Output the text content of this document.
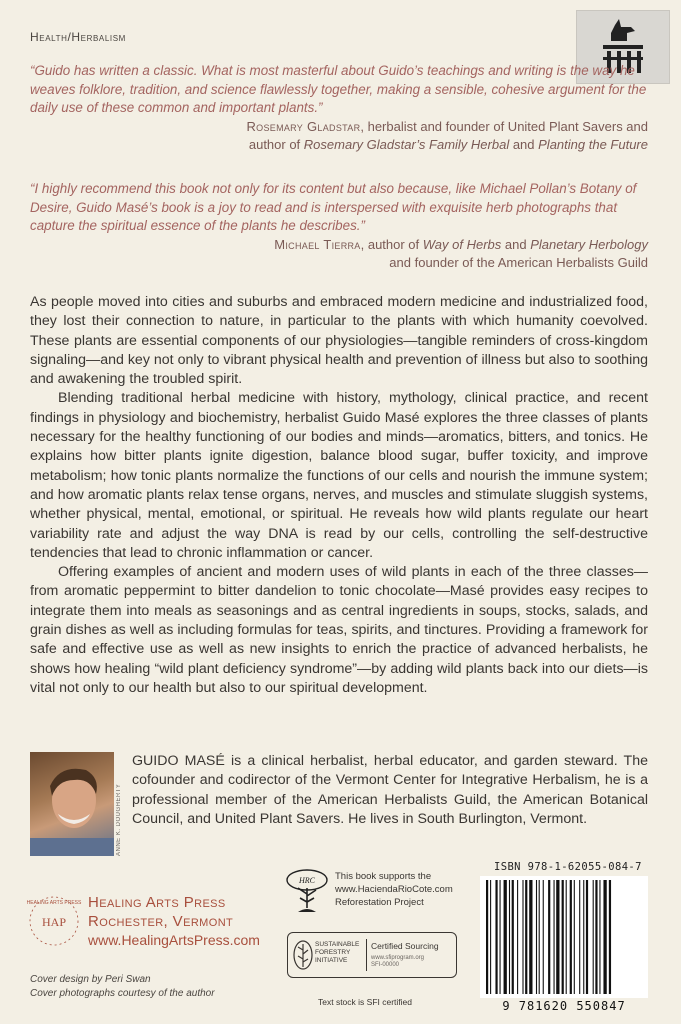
Health/Herbalism
“Guido has written a classic. What is most masterful about Guido’s teachings and writing is the way he weaves folklore, tradition, and science flawlessly together, making a sensible, cohesive argument for the daily use of these common and important plants.”
Rosemary Gladstar, herbalist and founder of United Plant Savers and
author of Rosemary Gladstar’s Family Herbal and Planting the Future
“I highly recommend this book not only for its content but also because, like Michael Pollan’s Botany of Desire, Guido Masé’s book is a joy to read and is interspersed with exquisite herb photographs that capture the spiritual essence of the plants he describes.”
Michael Tierra, author of Way of Herbs and Planetary Herbology
and founder of the American Herbalists Guild

As people moved into cities and suburbs and embraced modern medicine and industrialized food, they lost their connection to nature, in particular to the plants with which humanity coevolved. These plants are essential components of our physiologies—tangible reminders of cross-kingdom signaling—and key not only to vibrant physical health and prevention of illness but also to soothing and awakening the troubled spirit.

Blending traditional herbal medicine with history, mythology, clinical practice, and recent findings in physiology and biochemistry, herbalist Guido Masé explores the three classes of plants necessary for the healthy functioning of our bodies and minds—aromatics, bitters, and tonics. He explains how bitter plants ignite digestion, balance blood sugar, buffer toxicity, and improve metabolism; how tonic plants normalize the functions of our cells and nourish the immune system; and how aromatic plants relax tense organs, nerves, and muscles and stimulate sluggish systems, whether physical, mental, emotional, or spiritual. He reveals how wild plants regulate our heart variability rate and adjust the way DNA is read by our cells, controlling the self-destructive tendencies that lead to chronic inflammation or cancer.

Offering examples of ancient and modern uses of wild plants in each of the three classes—from aromatic peppermint to bitter dandelion to tonic chocolate—Masé provides easy recipes to integrate them into meals as seasonings and as central ingredients in soups, stocks, salads, and grain dishes as well as including formulas for teas, spirits, and tinctures. Providing a framework for safe and effective use as well as new insights to enrich the practice of advanced herbalists, he shows how healing “wild plant deficiency syndrome”—by adding wild plants back into our diets—is vital not only to our health but also to our spiritual development.

ANNE K. DOUGHERTY
GUIDO MASÉ is a clinical herbalist, herbal educator, and garden steward. The cofounder and codirector of the Vermont Center for Integrative Herbalism, he is a professional member of the American Herbalists Guild, the American Botanical Council, and United Plant Savers. He lives in South Burlington, Vermont.
HAP
HEALING ARTS PRESS Healing Arts Press
Rochester, Vermont
www.HealingArtsPress.com
HRC This book supports the
www.HaciendaRioCote.com
Reforestation Project
SUSTAINABLE
FORESTRY
INITIATIVE
Certified Sourcing
www.sfiprogram.org
SFI-00000
Text stock is SFI certified
Cover design by Peri Swan
Cover photographs courtesy of the author
ISBN 978-1-62055-084-7
9 781620 550847
